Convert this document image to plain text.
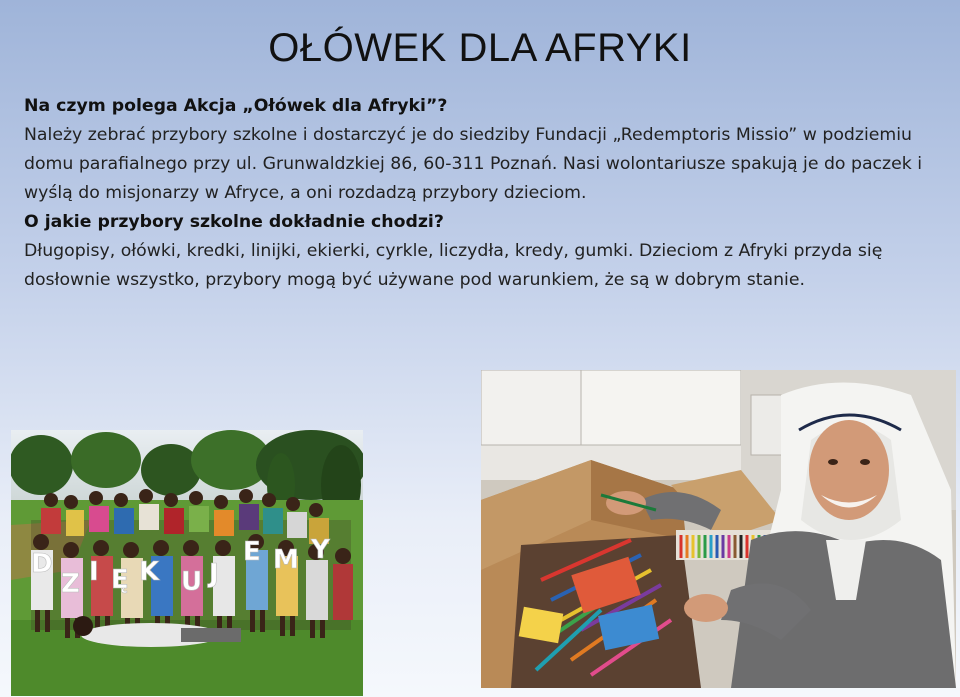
OŁÓWEK DLA AFRYKI

Na czym polega Akcja „Ołówek dla Afryki”?

Należy zebrać przybory szkolne i dostarczyć je do siedziby Fundacji „Redemptoris Missio” w podziemiu domu parafialnego przy ul. Grunwaldzkiej 86, 60-311 Poznań. Nasi wolontariusze spakują je do paczek i wyślą do misjonarzy w Afryce, a oni rozdadzą przybory dzieciom.

O jakie przybory szkolne dokładnie chodzi?

Długopisy, ołówki, kredki, linijki, ekierki, cyrkle, liczydła, kredy, gumki. Dzieciom z Afryki przyda się dosłownie wszystko, przybory mogą być używane pod warunkiem, że są w dobrym stanie.

D
Z I Ę K U J
E M Y
